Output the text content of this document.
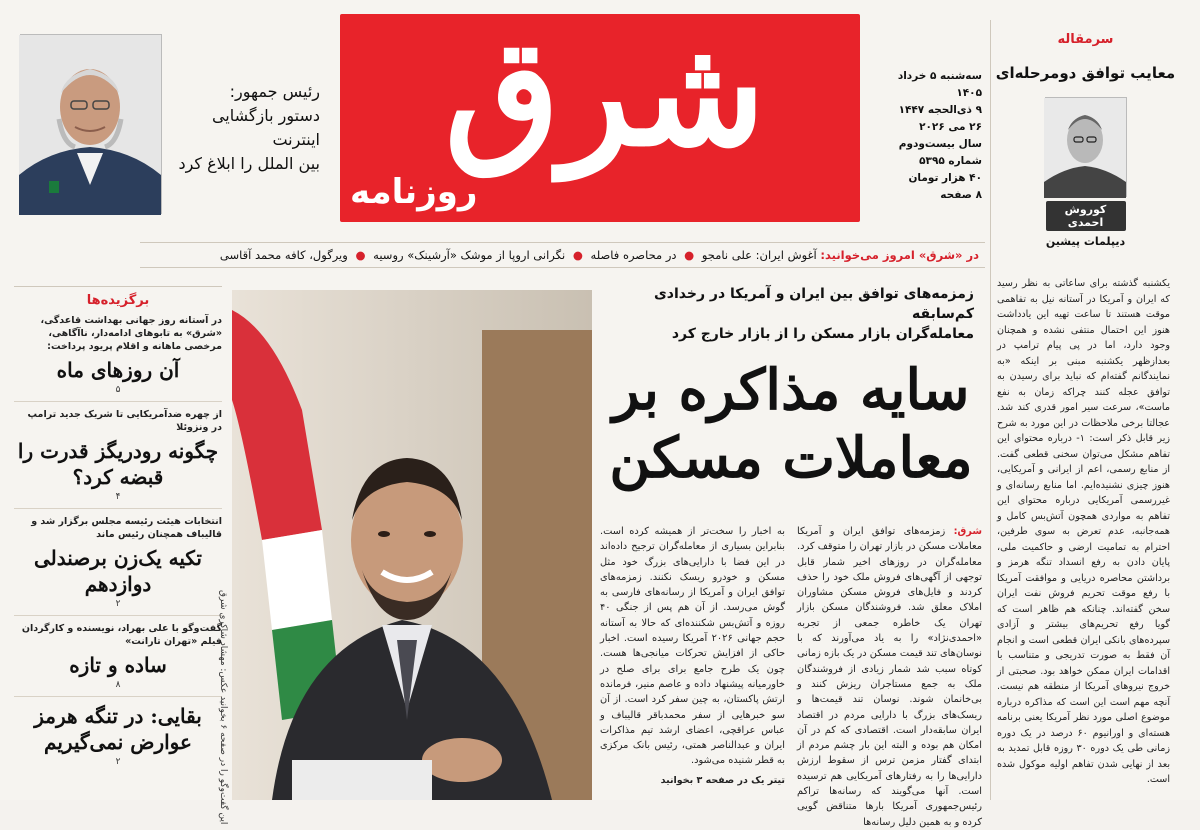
رئیس جمهور:
دستور بازگشایی اینترنت
بین الملل را ابلاغ کرد شرق
روزنامه
سه‌شنبه ۵ خرداد ۱۴۰۵
۹ ذی‌الحجه ۱۴۴۷
۲۶ می ۲۰۲۶
سال بیست‌ودوم
شماره ۵۳۹۵
۴۰ هزار تومان
۸ صفحه
سرمقاله
معایب توافق دومرحله‌ای
کوروش احمدی
دیپلمات پیشین
یکشنبه گذشته برای ساعاتی به نظر رسید که ایران و آمریکا در آستانه نیل به تفاهمی موقت هستند تا ساعت تهیه این یادداشت هنوز این احتمال منتفی نشده و همچنان وجود دارد، اما در پی پیام ترامپ در بعدازظهر یکشنبه مبنی بر اینکه «به نمایندگانم گفته‌ام که نباید برای رسیدن به توافق عجله کنند چراکه زمان به نفع ماست»، سرعت سیر امور قدری کند شد. عجالتا برخی ملاحظات در این مورد به شرح زیر قابل ذکر است: ۱- درباره محتوای این تفاهم مشکل می‌توان سخنی قطعی گفت. از منابع رسمی، اعم از ایرانی و آمریکایی، هنوز چیزی نشنیده‌ایم. اما منابع رسانه‌ای و غیررسمی آمریکایی درباره محتوای این تفاهم به مواردی همچون آتش‌بس کامل و همه‌جانبه، عدم تعرض به سوی طرفین، احترام به تمامیت ارضی و حاکمیت ملی، پایان دادن به رفع انسداد تنگه هرمز و برداشتن محاصره دریایی و موافقت آمریکا با رفع موقت تحریم فروش نفت ایران سخن گفته‌اند. چنانکه هم ظاهر است که گویا رفع تحریم‌های بیشتر و آزادی سپرده‌های بانکی ایران قطعی است و انجام آن فقط به صورت تدریجی و متناسب با اقدامات ایران ممکن خواهد بود. صحبتی از خروج نیروهای آمریکا از منطقه هم نیست. آنچه مهم است این است که مذاکره درباره موضوع اصلی مورد نظر آمریکا یعنی برنامه هسته‌ای و اورانیوم ۶۰ درصد در یک دوره زمانی طی یک دوره ۳۰ روزه قابل تمدید به بعد از نهایی شدن تفاهم اولیه موکول شده است.
در «شرق» امروز می‌خوانید: آغوش ایران: علی نامجو ● در محاصره فاصله ● نگرانی اروپا از موشک «آرشینک» روسیه ● ویرگول، کافه محمد آقاسی
برگزیده‌ها
در آستانه روز جهانی بهداشت قاعدگی، «شرق» به تابوهای ادامه‌دار، ناآگاهی، مرخصی ماهانه و اقلام پریود پرداخت:
آن روزهای ماه
۵
از چهره ضدآمریکایی تا شریک جدید ترامپ در ونزوئلا
چگونه رودریگز قدرت را قبضه کرد؟
۴
انتخابات هیئت رئیسه مجلس برگزار شد و قالیباف همچنان رئیس ماند
تکیه یک‌زن برصندلی دوازدهم
۲
گفت‌وگو با علی بهراد، نویسنده و کارگردان فیلم «تهران تارانت»
ساده و تازه
۸
بقایی: در تنگه هرمز عوارض نمی‌گیریم
۲
این گفت‌وگو را در صفحه ۶ بخوانید عکس: مهشاد شاکری شرق
زمزمه‌های توافق بین ایران و آمریکا در رخدادی کم‌سابقه
معامله‌گران بازار مسکن را از بازار خارج کرد
سایه مذاکره بر
معاملات مسکن
شرق: زمزمه‌های توافق ایران و آمریکا معاملات مسکن در بازار تهران را متوقف کرد. معامله‌گران در روزهای اخیر شمار قابل توجهی از آگهی‌های فروش ملک خود را حذف کردند و فایل‌های فروش مسکن مشاوران املاک معلق شد. فروشندگان مسکن بازار تهران یک خاطره جمعی از تجربه «احمدی‌نژاد» را به یاد می‌آورند که با نوسان‌های تند قیمت مسکن در یک بازه زمانی کوتاه سبب شد شمار زیادی از فروشندگان ملک به جمع مستاجران ریزش کنند و بی‌خانمان شوند. نوسان تند قیمت‌ها و ریسک‌های بزرگ با دارایی مردم در اقتصاد ایران سابقه‌دار است. اقتصادی که کم در آن امکان هم بوده و البته این بار چشم مردم از ابتدای گفتار مزمن ترس از سقوط ارزش دارایی‌ها را به رفتارهای آمریکایی هم ترسیده است. آنها می‌گویند که رسانه‌ها تراکم رئیس‌جمهوری آمریکا بارها متناقض گویی کرده و به همین دلیل رسانه‌ها
به اخبار را سخت‌تر از همیشه کرده است. بنابراین بسیاری از معامله‌گران ترجیح داده‌اند در این فضا با دارایی‌های بزرگ خود مثل مسکن و خودرو ریسک نکنند. زمزمه‌های توافق ایران و آمریکا از رسانه‌های فارسی به گوش می‌رسد. از آن هم پس از جنگی ۴۰ روزه و آتش‌بس شکننده‌ای که حالا به آستانه حجم جهانی ۲۰۲۶ آمریکا رسیده است. اخبار حاکی از افزایش تحرکات میانجی‌ها هست. چون یک طرح جامع برای برای صلح در خاورمیانه پیشنهاد داده و عاصم منیر، فرمانده ارتش پاکستان، به چین سفر کرد است. از آن سو خبرهایی از سفر محمدباقر قالیباف و عباس عراقچی، اعضای ارشد تیم مذاکرات ایران و عبدالناصر همتی، رئیس بانک مرکزی به قطر شنیده می‌شود.
تیتر یک در صفحه ۳ بخوانید
